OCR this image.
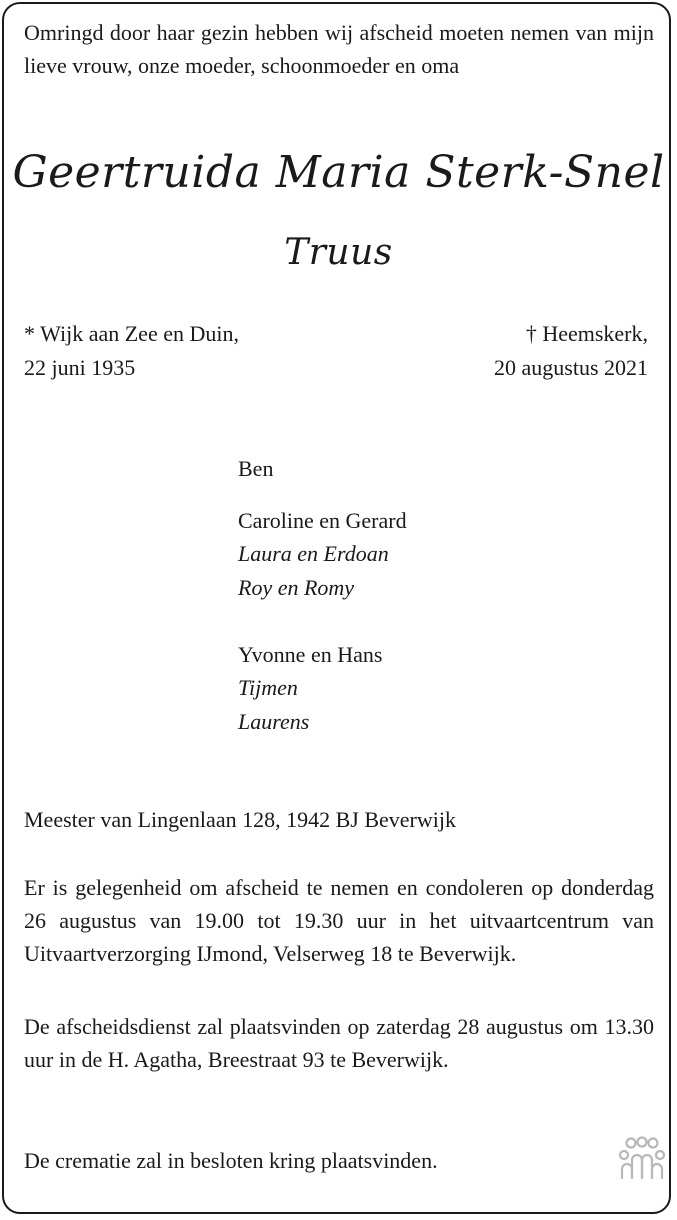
Omringd door haar gezin hebben wij afscheid moeten nemen van mijn lieve vrouw, onze moeder, schoonmoeder en oma
Geertruida Maria Sterk-Snel
Truus
* Wijk aan Zee en Duin,
22 juni 1935
† Heemskerk,
20 augustus 2021
Ben
Caroline en Gerard
Laura en Erdoan
Roy en Romy
Yvonne en Hans
Tijmen
Laurens
Meester van Lingenlaan 128, 1942 BJ Beverwijk
Er is gelegenheid om afscheid te nemen en condoleren op donderdag 26 augustus van 19.00 tot 19.30 uur in het uitvaartcentrum van Uitvaartverzorging IJmond, Velserweg 18 te Beverwijk.
De afscheidsdienst zal plaatsvinden op zaterdag 28 augustus om 13.30 uur in de H. Agatha, Breestraat 93 te Beverwijk.
De crematie zal in besloten kring plaatsvinden.
